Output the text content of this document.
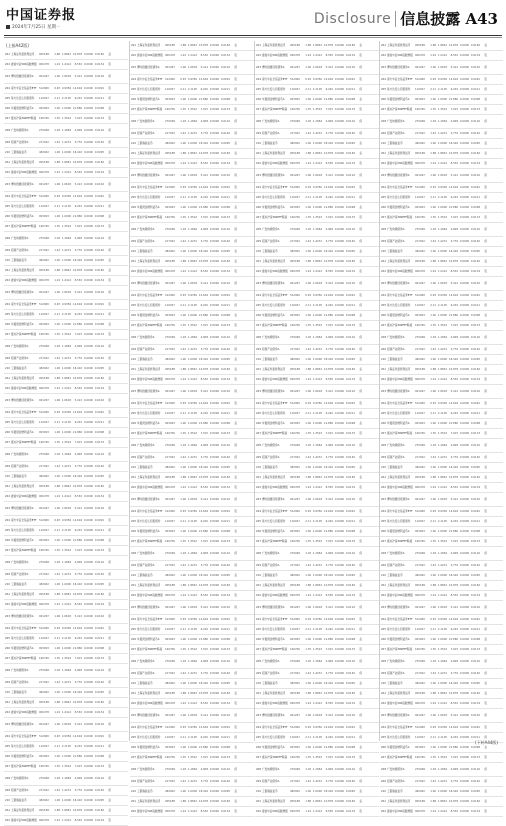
中国证券报
2024年7月25日 星期一
Disclosure 信息披露 A43
(上接A42版)
201 上海证券盈欣利货币	005188	1.88 1.8842 10,878 0.0000 0.0182	货
202 建信中证500指数增强 000478	1.24 1.2412	8,530 0.0000 0.0134	股
203 博时稳健回报债券A	001267	1.06 1.0618	5,412 0.0000 0.0102	债
204 南方中证全指证券ETF 512900	0.93 0.9356 12,604 0.0000 0.0091	股
205 易方达安心回报债券	110027	2.11 2.1105	6,220 0.0000 0.0211	债
206 华夏现金增利货币A	003003	1.00 1.0000 21,880 0.0000 0.0098	货
207 嘉实沪深300ETF联接	160706	1.35 1.3522	7,015 0.0000 0.0133	股
208 广发纯债债券A	270048	1.18 1.1864	4,908 0.0000 0.0116	债
209 招商产业债券A	217022	1.42 1.4231	3,776 0.0000 0.0140	债
210 工银瑞信货币	482002	1.00 1.0000 18,402 0.0000 0.0095	货
201 上海证券盈欣利货币	005188	1.88 1.8842 10,878 0.0000 0.0182	货
202 建信中证500指数增强 000478	1.24 1.2412	8,530 0.0000 0.0134	股
203 博时稳健回报债券A	001267	1.06 1.0618	5,412 0.0000 0.0102	债
204 南方中证全指证券ETF 512900	0.93 0.9356 12,604 0.0000 0.0091	股
205 易方达安心回报债券	110027	2.11 2.1105	6,220 0.0000 0.0211	债
206 华夏现金增利货币A	003003	1.00 1.0000 21,880 0.0000 0.0098	货
207 嘉实沪深300ETF联接	160706	1.35 1.3522	7,015 0.0000 0.0133	股
208 广发纯债债券A	270048	1.18 1.1864	4,908 0.0000 0.0116	债
209 招商产业债券A	217022	1.42 1.4231	3,776 0.0000 0.0140	债
210 工银瑞信货币	482002	1.00 1.0000 18,402 0.0000 0.0095	货
201 上海证券盈欣利货币	005188	1.88 1.8842 10,878 0.0000 0.0182	货
202 建信中证500指数增强 000478	1.24 1.2412	8,530 0.0000 0.0134	股
203 博时稳健回报债券A	001267	1.06 1.0618	5,412 0.0000 0.0102	债
204 南方中证全指证券ETF 512900	0.93 0.9356 12,604 0.0000 0.0091	股
205 易方达安心回报债券	110027	2.11 2.1105	6,220 0.0000 0.0211	债
206 华夏现金增利货币A	003003	1.00 1.0000 21,880 0.0000 0.0098	货
207 嘉实沪深300ETF联接	160706	1.35 1.3522	7,015 0.0000 0.0133	股
208 广发纯债债券A	270048	1.18 1.1864	4,908 0.0000 0.0116	债
209 招商产业债券A	217022	1.42 1.4231	3,776 0.0000 0.0140	债
210 工银瑞信货币	482002	1.00 1.0000 18,402 0.0000 0.0095	货
201 上海证券盈欣利货币	005188	1.88 1.8842 10,878 0.0000 0.0182	货
202 建信中证500指数增强 000478	1.24 1.2412	8,530 0.0000 0.0134	股
203 博时稳健回报债券A	001267	1.06 1.0618	5,412 0.0000 0.0102	债
204 南方中证全指证券ETF 512900	0.93 0.9356 12,604 0.0000 0.0091	股
205 易方达安心回报债券	110027	2.11 2.1105	6,220 0.0000 0.0211	债
206 华夏现金增利货币A	003003	1.00 1.0000 21,880 0.0000 0.0098	货
207 嘉实沪深300ETF联接	160706	1.35 1.3522	7,015 0.0000 0.0133	股
208 广发纯债债券A	270048	1.18 1.1864	4,908 0.0000 0.0116	债
209 招商产业债券A	217022	1.42 1.4231	3,776 0.0000 0.0140	债
210 工银瑞信货币	482002	1.00 1.0000 18,402 0.0000 0.0095	货
201 上海证券盈欣利货币	005188	1.88 1.8842 10,878 0.0000 0.0182	货
202 建信中证500指数增强 000478	1.24 1.2412	8,530 0.0000 0.0134	股
203 博时稳健回报债券A	001267	1.06 1.0618	5,412 0.0000 0.0102	债
204 南方中证全指证券ETF 512900	0.93 0.9356 12,604 0.0000 0.0091	股
205 易方达安心回报债券	110027	2.11 2.1105	6,220 0.0000 0.0211	债
206 华夏现金增利货币A	003003	1.00 1.0000 21,880 0.0000 0.0098	货
207 嘉实沪深300ETF联接	160706	1.35 1.3522	7,015 0.0000 0.0133	股
208 广发纯债债券A	270048	1.18 1.1864	4,908 0.0000 0.0116	债
209 招商产业债券A	217022	1.42 1.4231	3,776 0.0000 0.0140	债
210 工银瑞信货币	482002	1.00 1.0000 18,402 0.0000 0.0095	货
201 上海证券盈欣利货币	005188	1.88 1.8842 10,878 0.0000 0.0182	货
202 建信中证500指数增强 000478	1.24 1.2412	8,530 0.0000 0.0134	股
203 博时稳健回报债券A	001267	1.06 1.0618	5,412 0.0000 0.0102	债
204 南方中证全指证券ETF 512900	0.93 0.9356 12,604 0.0000 0.0091	股
205 易方达安心回报债券	110027	2.11 2.1105	6,220 0.0000 0.0211	债
206 华夏现金增利货币A	003003	1.00 1.0000 21,880 0.0000 0.0098	货
207 嘉实沪深300ETF联接	160706	1.35 1.3522	7,015 0.0000 0.0133	股
208 广发纯债债券A	270048	1.18 1.1864	4,908 0.0000 0.0116	债
209 招商产业债券A	217022	1.42 1.4231	3,776 0.0000 0.0140	债
210 工银瑞信货币	482002	1.00 1.0000 18,402 0.0000 0.0095	货
201 上海证券盈欣利货币	005188	1.88 1.8842 10,878 0.0000 0.0182	货
202 建信中证500指数增强 000478	1.24 1.2412	8,530 0.0000 0.0134	股
203 博时稳健回报债券A	001267	1.06 1.0618	5,412 0.0000 0.0102	债
204 南方中证全指证券ETF 512900	0.93 0.9356 12,604 0.0000 0.0091	股
205 易方达安心回报债券	110027	2.11 2.1105	6,220 0.0000 0.0211	债
206 华夏现金增利货币A	003003	1.00 1.0000 21,880 0.0000 0.0098	货
207 嘉实沪深300ETF联接	160706	1.35 1.3522	7,015 0.0000 0.0133	股
208 广发纯债债券A	270048	1.18 1.1864	4,908 0.0000 0.0116	债
209 招商产业债券A	217022	1.42 1.4231	3,776 0.0000 0.0140	债
210 工银瑞信货币	482002	1.00 1.0000 18,402 0.0000 0.0095	货
201 上海证券盈欣利货币	005188	1.88 1.8842 10,878 0.0000 0.0182	货
202 建信中证500指数增强 000478	1.24 1.2412	8,530 0.0000 0.0134	股
201 上海证券盈欣利货币	005188	1.88 1.8842 10,878 0.0000 0.0182	货
202 建信中证500指数增强 000478	1.24 1.2412	8,530 0.0000 0.0134	股
203 博时稳健回报债券A	001267	1.06 1.0618	5,412 0.0000 0.0102	债
204 南方中证全指证券ETF 512900	0.93 0.9356 12,604 0.0000 0.0091	股
205 易方达安心回报债券	110027	2.11 2.1105	6,220 0.0000 0.0211	债
206 华夏现金增利货币A	003003	1.00 1.0000 21,880 0.0000 0.0098	货
207 嘉实沪深300ETF联接	160706	1.35 1.3522	7,015 0.0000 0.0133	股
208 广发纯债债券A	270048	1.18 1.1864	4,908 0.0000 0.0116	债
209 招商产业债券A	217022	1.42 1.4231	3,776 0.0000 0.0140	债
210 工银瑞信货币	482002	1.00 1.0000 18,402 0.0000 0.0095	货
201 上海证券盈欣利货币	005188	1.88 1.8842 10,878 0.0000 0.0182	货
202 建信中证500指数增强 000478	1.24 1.2412	8,530 0.0000 0.0134	股
203 博时稳健回报债券A	001267	1.06 1.0618	5,412 0.0000 0.0102	债
204 南方中证全指证券ETF 512900	0.93 0.9356 12,604 0.0000 0.0091	股
205 易方达安心回报债券	110027	2.11 2.1105	6,220 0.0000 0.0211	债
206 华夏现金增利货币A	003003	1.00 1.0000 21,880 0.0000 0.0098	货
207 嘉实沪深300ETF联接	160706	1.35 1.3522	7,015 0.0000 0.0133	股
208 广发纯债债券A	270048	1.18 1.1864	4,908 0.0000 0.0116	债
209 招商产业债券A	217022	1.42 1.4231	3,776 0.0000 0.0140	债
210 工银瑞信货币	482002	1.00 1.0000 18,402 0.0000 0.0095	货
201 上海证券盈欣利货币	005188	1.88 1.8842 10,878 0.0000 0.0182	货
202 建信中证500指数增强 000478	1.24 1.2412	8,530 0.0000 0.0134	股
203 博时稳健回报债券A	001267	1.06 1.0618	5,412 0.0000 0.0102	债
204 南方中证全指证券ETF 512900	0.93 0.9356 12,604 0.0000 0.0091	股
205 易方达安心回报债券	110027	2.11 2.1105	6,220 0.0000 0.0211	债
206 华夏现金增利货币A	003003	1.00 1.0000 21,880 0.0000 0.0098	货
207 嘉实沪深300ETF联接	160706	1.35 1.3522	7,015 0.0000 0.0133	股
208 广发纯债债券A	270048	1.18 1.1864	4,908 0.0000 0.0116	债
209 招商产业债券A	217022	1.42 1.4231	3,776 0.0000 0.0140	债
210 工银瑞信货币	482002	1.00 1.0000 18,402 0.0000 0.0095	货
201 上海证券盈欣利货币	005188	1.88 1.8842 10,878 0.0000 0.0182	货
202 建信中证500指数增强 000478	1.24 1.2412	8,530 0.0000 0.0134	股
203 博时稳健回报债券A	001267	1.06 1.0618	5,412 0.0000 0.0102	债
204 南方中证全指证券ETF 512900	0.93 0.9356 12,604 0.0000 0.0091	股
205 易方达安心回报债券	110027	2.11 2.1105	6,220 0.0000 0.0211	债
206 华夏现金增利货币A	003003	1.00 1.0000 21,880 0.0000 0.0098	货
207 嘉实沪深300ETF联接	160706	1.35 1.3522	7,015 0.0000 0.0133	股
208 广发纯债债券A	270048	1.18 1.1864	4,908 0.0000 0.0116	债
209 招商产业债券A	217022	1.42 1.4231	3,776 0.0000 0.0140	债
210 工银瑞信货币	482002	1.00 1.0000 18,402 0.0000 0.0095	货
201 上海证券盈欣利货币	005188	1.88 1.8842 10,878 0.0000 0.0182	货
202 建信中证500指数增强 000478	1.24 1.2412	8,530 0.0000 0.0134	股
203 博时稳健回报债券A	001267	1.06 1.0618	5,412 0.0000 0.0102	债
204 南方中证全指证券ETF 512900	0.93 0.9356 12,604 0.0000 0.0091	股
205 易方达安心回报债券	110027	2.11 2.1105	6,220 0.0000 0.0211	债
206 华夏现金增利货币A	003003	1.00 1.0000 21,880 0.0000 0.0098	货
207 嘉实沪深300ETF联接	160706	1.35 1.3522	7,015 0.0000 0.0133	股
208 广发纯债债券A	270048	1.18 1.1864	4,908 0.0000 0.0116	债
209 招商产业债券A	217022	1.42 1.4231	3,776 0.0000 0.0140	债
210 工银瑞信货币	482002	1.00 1.0000 18,402 0.0000 0.0095	货
201 上海证券盈欣利货币	005188	1.88 1.8842 10,878 0.0000 0.0182	货
202 建信中证500指数增强 000478	1.24 1.2412	8,530 0.0000 0.0134	股
203 博时稳健回报债券A	001267	1.06 1.0618	5,412 0.0000 0.0102	债
204 南方中证全指证券ETF 512900	0.93 0.9356 12,604 0.0000 0.0091	股
205 易方达安心回报债券	110027	2.11 2.1105	6,220 0.0000 0.0211	债
206 华夏现金增利货币A	003003	1.00 1.0000 21,880 0.0000 0.0098	货
207 嘉实沪深300ETF联接	160706	1.35 1.3522	7,015 0.0000 0.0133	股
208 广发纯债债券A	270048	1.18 1.1864	4,908 0.0000 0.0116	债
209 招商产业债券A	217022	1.42 1.4231	3,776 0.0000 0.0140	债
210 工银瑞信货币	482002	1.00 1.0000 18,402 0.0000 0.0095	货
201 上海证券盈欣利货币	005188	1.88 1.8842 10,878 0.0000 0.0182	货
202 建信中证500指数增强 000478	1.24 1.2412	8,530 0.0000 0.0134	股
203 博时稳健回报债券A	001267	1.06 1.0618	5,412 0.0000 0.0102	债
204 南方中证全指证券ETF 512900	0.93 0.9356 12,604 0.0000 0.0091	股
205 易方达安心回报债券	110027	2.11 2.1105	6,220 0.0000 0.0211	债
206 华夏现金增利货币A	003003	1.00 1.0000 21,880 0.0000 0.0098	货
207 嘉实沪深300ETF联接	160706	1.35 1.3522	7,015 0.0000 0.0133	股
208 广发纯债债券A	270048	1.18 1.1864	4,908 0.0000 0.0116	债
209 招商产业债券A	217022	1.42 1.4231	3,776 0.0000 0.0140	债
210 工银瑞信货币	482002	1.00 1.0000 18,402 0.0000 0.0095	货
201 上海证券盈欣利货币	005188	1.88 1.8842 10,878 0.0000 0.0182	货
202 建信中证500指数增强 000478	1.24 1.2412	8,530 0.0000 0.0134	股
201 上海证券盈欣利货币	005188	1.88 1.8842 10,878 0.0000 0.0182	货
202 建信中证500指数增强 000478	1.24 1.2412	8,530 0.0000 0.0134	股
203 博时稳健回报债券A	001267	1.06 1.0618	5,412 0.0000 0.0102	债
204 南方中证全指证券ETF 512900	0.93 0.9356 12,604 0.0000 0.0091	股
205 易方达安心回报债券	110027	2.11 2.1105	6,220 0.0000 0.0211	债
206 华夏现金增利货币A	003003	1.00 1.0000 21,880 0.0000 0.0098	货
207 嘉实沪深300ETF联接	160706	1.35 1.3522	7,015 0.0000 0.0133	股
208 广发纯债债券A	270048	1.18 1.1864	4,908 0.0000 0.0116	债
209 招商产业债券A	217022	1.42 1.4231	3,776 0.0000 0.0140	债
210 工银瑞信货币	482002	1.00 1.0000 18,402 0.0000 0.0095	货
201 上海证券盈欣利货币	005188	1.88 1.8842 10,878 0.0000 0.0182	货
202 建信中证500指数增强 000478	1.24 1.2412	8,530 0.0000 0.0134	股
203 博时稳健回报债券A	001267	1.06 1.0618	5,412 0.0000 0.0102	债
204 南方中证全指证券ETF 512900	0.93 0.9356 12,604 0.0000 0.0091	股
205 易方达安心回报债券	110027	2.11 2.1105	6,220 0.0000 0.0211	债
206 华夏现金增利货币A	003003	1.00 1.0000 21,880 0.0000 0.0098	货
207 嘉实沪深300ETF联接	160706	1.35 1.3522	7,015 0.0000 0.0133	股
208 广发纯债债券A	270048	1.18 1.1864	4,908 0.0000 0.0116	债
209 招商产业债券A	217022	1.42 1.4231	3,776 0.0000 0.0140	债
210 工银瑞信货币	482002	1.00 1.0000 18,402 0.0000 0.0095	货
201 上海证券盈欣利货币	005188	1.88 1.8842 10,878 0.0000 0.0182	货
202 建信中证500指数增强 000478	1.24 1.2412	8,530 0.0000 0.0134	股
203 博时稳健回报债券A	001267	1.06 1.0618	5,412 0.0000 0.0102	债
204 南方中证全指证券ETF 512900	0.93 0.9356 12,604 0.0000 0.0091	股
205 易方达安心回报债券	110027	2.11 2.1105	6,220 0.0000 0.0211	债
206 华夏现金增利货币A	003003	1.00 1.0000 21,880 0.0000 0.0098	货
207 嘉实沪深300ETF联接	160706	1.35 1.3522	7,015 0.0000 0.0133	股
208 广发纯债债券A	270048	1.18 1.1864	4,908 0.0000 0.0116	债
209 招商产业债券A	217022	1.42 1.4231	3,776 0.0000 0.0140	债
210 工银瑞信货币	482002	1.00 1.0000 18,402 0.0000 0.0095	货
201 上海证券盈欣利货币	005188	1.88 1.8842 10,878 0.0000 0.0182	货
202 建信中证500指数增强 000478	1.24 1.2412	8,530 0.0000 0.0134	股
203 博时稳健回报债券A	001267	1.06 1.0618	5,412 0.0000 0.0102	债
204 南方中证全指证券ETF 512900	0.93 0.9356 12,604 0.0000 0.0091	股
205 易方达安心回报债券	110027	2.11 2.1105	6,220 0.0000 0.0211	债
206 华夏现金增利货币A	003003	1.00 1.0000 21,880 0.0000 0.0098	货
207 嘉实沪深300ETF联接	160706	1.35 1.3522	7,015 0.0000 0.0133	股
208 广发纯债债券A	270048	1.18 1.1864	4,908 0.0000 0.0116	债
209 招商产业债券A	217022	1.42 1.4231	3,776 0.0000 0.0140	债
210 工银瑞信货币	482002	1.00 1.0000 18,402 0.0000 0.0095	货
201 上海证券盈欣利货币	005188	1.88 1.8842 10,878 0.0000 0.0182	货
202 建信中证500指数增强 000478	1.24 1.2412	8,530 0.0000 0.0134	股
203 博时稳健回报债券A	001267	1.06 1.0618	5,412 0.0000 0.0102	债
204 南方中证全指证券ETF 512900	0.93 0.9356 12,604 0.0000 0.0091	股
205 易方达安心回报债券	110027	2.11 2.1105	6,220 0.0000 0.0211	债
206 华夏现金增利货币A	003003	1.00 1.0000 21,880 0.0000 0.0098	货
207 嘉实沪深300ETF联接	160706	1.35 1.3522	7,015 0.0000 0.0133	股
208 广发纯债债券A	270048	1.18 1.1864	4,908 0.0000 0.0116	债
209 招商产业债券A	217022	1.42 1.4231	3,776 0.0000 0.0140	债
210 工银瑞信货币	482002	1.00 1.0000 18,402 0.0000 0.0095	货
201 上海证券盈欣利货币	005188	1.88 1.8842 10,878 0.0000 0.0182	货
202 建信中证500指数增强 000478	1.24 1.2412	8,530 0.0000 0.0134	股
203 博时稳健回报债券A	001267	1.06 1.0618	5,412 0.0000 0.0102	债
204 南方中证全指证券ETF 512900	0.93 0.9356 12,604 0.0000 0.0091	股
205 易方达安心回报债券	110027	2.11 2.1105	6,220 0.0000 0.0211	债
206 华夏现金增利货币A	003003	1.00 1.0000 21,880 0.0000 0.0098	货
207 嘉实沪深300ETF联接	160706	1.35 1.3522	7,015 0.0000 0.0133	股
208 广发纯债债券A	270048	1.18 1.1864	4,908 0.0000 0.0116	债
209 招商产业债券A	217022	1.42 1.4231	3,776 0.0000 0.0140	债
210 工银瑞信货币	482002	1.00 1.0000 18,402 0.0000 0.0095	货
201 上海证券盈欣利货币	005188	1.88 1.8842 10,878 0.0000 0.0182	货
202 建信中证500指数增强 000478	1.24 1.2412	8,530 0.0000 0.0134	股
203 博时稳健回报债券A	001267	1.06 1.0618	5,412 0.0000 0.0102	债
204 南方中证全指证券ETF 512900	0.93 0.9356 12,604 0.0000 0.0091	股
205 易方达安心回报债券	110027	2.11 2.1105	6,220 0.0000 0.0211	债
206 华夏现金增利货币A	003003	1.00 1.0000 21,880 0.0000 0.0098	货
207 嘉实沪深300ETF联接	160706	1.35 1.3522	7,015 0.0000 0.0133	股
208 广发纯债债券A	270048	1.18 1.1864	4,908 0.0000 0.0116	债
209 招商产业债券A	217022	1.42 1.4231	3,776 0.0000 0.0140	债
210 工银瑞信货币	482002	1.00 1.0000 18,402 0.0000 0.0095	货
201 上海证券盈欣利货币	005188	1.88 1.8842 10,878 0.0000 0.0182	货
202 建信中证500指数增强 000478	1.24 1.2412	8,530 0.0000 0.0134	股
201 上海证券盈欣利货币	005188	1.88 1.8842 10,878 0.0000 0.0182	货
202 建信中证500指数增强 000478	1.24 1.2412	8,530 0.0000 0.0134	股
203 博时稳健回报债券A	001267	1.06 1.0618	5,412 0.0000 0.0102	债
204 南方中证全指证券ETF 512900	0.93 0.9356 12,604 0.0000 0.0091	股
205 易方达安心回报债券	110027	2.11 2.1105	6,220 0.0000 0.0211	债
206 华夏现金增利货币A	003003	1.00 1.0000 21,880 0.0000 0.0098	货
207 嘉实沪深300ETF联接	160706	1.35 1.3522	7,015 0.0000 0.0133	股
208 广发纯债债券A	270048	1.18 1.1864	4,908 0.0000 0.0116	债
209 招商产业债券A	217022	1.42 1.4231	3,776 0.0000 0.0140	债
210 工银瑞信货币	482002	1.00 1.0000 18,402 0.0000 0.0095	货
201 上海证券盈欣利货币	005188	1.88 1.8842 10,878 0.0000 0.0182	货
202 建信中证500指数增强 000478	1.24 1.2412	8,530 0.0000 0.0134	股
203 博时稳健回报债券A	001267	1.06 1.0618	5,412 0.0000 0.0102	债
204 南方中证全指证券ETF 512900	0.93 0.9356 12,604 0.0000 0.0091	股
205 易方达安心回报债券	110027	2.11 2.1105	6,220 0.0000 0.0211	债
206 华夏现金增利货币A	003003	1.00 1.0000 21,880 0.0000 0.0098	货
207 嘉实沪深300ETF联接	160706	1.35 1.3522	7,015 0.0000 0.0133	股
208 广发纯债债券A	270048	1.18 1.1864	4,908 0.0000 0.0116	债
209 招商产业债券A	217022	1.42 1.4231	3,776 0.0000 0.0140	债
210 工银瑞信货币	482002	1.00 1.0000 18,402 0.0000 0.0095	货
201 上海证券盈欣利货币	005188	1.88 1.8842 10,878 0.0000 0.0182	货
202 建信中证500指数增强 000478	1.24 1.2412	8,530 0.0000 0.0134	股
203 博时稳健回报债券A	001267	1.06 1.0618	5,412 0.0000 0.0102	债
204 南方中证全指证券ETF 512900	0.93 0.9356 12,604 0.0000 0.0091	股
205 易方达安心回报债券	110027	2.11 2.1105	6,220 0.0000 0.0211	债
206 华夏现金增利货币A	003003	1.00 1.0000 21,880 0.0000 0.0098	货
207 嘉实沪深300ETF联接	160706	1.35 1.3522	7,015 0.0000 0.0133	股
208 广发纯债债券A	270048	1.18 1.1864	4,908 0.0000 0.0116	债
209 招商产业债券A	217022	1.42 1.4231	3,776 0.0000 0.0140	债
210 工银瑞信货币	482002	1.00 1.0000 18,402 0.0000 0.0095	货
201 上海证券盈欣利货币	005188	1.88 1.8842 10,878 0.0000 0.0182	货
202 建信中证500指数增强 000478	1.24 1.2412	8,530 0.0000 0.0134	股
203 博时稳健回报债券A	001267	1.06 1.0618	5,412 0.0000 0.0102	债
204 南方中证全指证券ETF 512900	0.93 0.9356 12,604 0.0000 0.0091	股
205 易方达安心回报债券	110027	2.11 2.1105	6,220 0.0000 0.0211	债
206 华夏现金增利货币A	003003	1.00 1.0000 21,880 0.0000 0.0098	货
207 嘉实沪深300ETF联接	160706	1.35 1.3522	7,015 0.0000 0.0133	股
208 广发纯债债券A	270048	1.18 1.1864	4,908 0.0000 0.0116	债
209 招商产业债券A	217022	1.42 1.4231	3,776 0.0000 0.0140	债
210 工银瑞信货币	482002	1.00 1.0000 18,402 0.0000 0.0095	货
201 上海证券盈欣利货币	005188	1.88 1.8842 10,878 0.0000 0.0182	货
202 建信中证500指数增强 000478	1.24 1.2412	8,530 0.0000 0.0134	股
203 博时稳健回报债券A	001267	1.06 1.0618	5,412 0.0000 0.0102	债
204 南方中证全指证券ETF 512900	0.93 0.9356 12,604 0.0000 0.0091	股
205 易方达安心回报债券	110027	2.11 2.1105	6,220 0.0000 0.0211	债
206 华夏现金增利货币A	003003	1.00 1.0000 21,880 0.0000 0.0098	货
207 嘉实沪深300ETF联接	160706	1.35 1.3522	7,015 0.0000 0.0133	股
208 广发纯债债券A	270048	1.18 1.1864	4,908 0.0000 0.0116	债
209 招商产业债券A	217022	1.42 1.4231	3,776 0.0000 0.0140	债
210 工银瑞信货币	482002	1.00 1.0000 18,402 0.0000 0.0095	货
201 上海证券盈欣利货币	005188	1.88 1.8842 10,878 0.0000 0.0182	货
202 建信中证500指数增强 000478	1.24 1.2412	8,530 0.0000 0.0134	股
203 博时稳健回报债券A	001267	1.06 1.0618	5,412 0.0000 0.0102	债
204 南方中证全指证券ETF 512900	0.93 0.9356 12,604 0.0000 0.0091	股
205 易方达安心回报债券	110027	2.11 2.1105	6,220 0.0000 0.0211	债
206 华夏现金增利货币A	003003	1.00 1.0000 21,880 0.0000 0.0098	货
207 嘉实沪深300ETF联接	160706	1.35 1.3522	7,015 0.0000 0.0133	股
208 广发纯债债券A	270048	1.18 1.1864	4,908 0.0000 0.0116	债
209 招商产业债券A	217022	1.42 1.4231	3,776 0.0000 0.0140	债
210 工银瑞信货币	482002	1.00 1.0000 18,402 0.0000 0.0095	货
201 上海证券盈欣利货币	005188	1.88 1.8842 10,878 0.0000 0.0182	货
202 建信中证500指数增强 000478	1.24 1.2412	8,530 0.0000 0.0134	股
203 博时稳健回报债券A	001267	1.06 1.0618	5,412 0.0000 0.0102	债
204 南方中证全指证券ETF 512900	0.93 0.9356 12,604 0.0000 0.0091	股
205 易方达安心回报债券	110027	2.11 2.1105	6,220 0.0000 0.0211	债
206 华夏现金增利货币A	003003	1.00 1.0000 21,880 0.0000 0.0098	货
207 嘉实沪深300ETF联接	160706	1.35 1.3522	7,015 0.0000 0.0133	股
208 广发纯债债券A	270048	1.18 1.1864	4,908 0.0000 0.0116	债
209 招商产业债券A	217022	1.42 1.4231	3,776 0.0000 0.0140	债
210 工银瑞信货币	482002	1.00 1.0000 18,402 0.0000 0.0095	货
201 上海证券盈欣利货币	005188	1.88 1.8842 10,878 0.0000 0.0182	货
202 建信中证500指数增强 000478	1.24 1.2412	8,530 0.0000 0.0134	股
(下转A44版)
